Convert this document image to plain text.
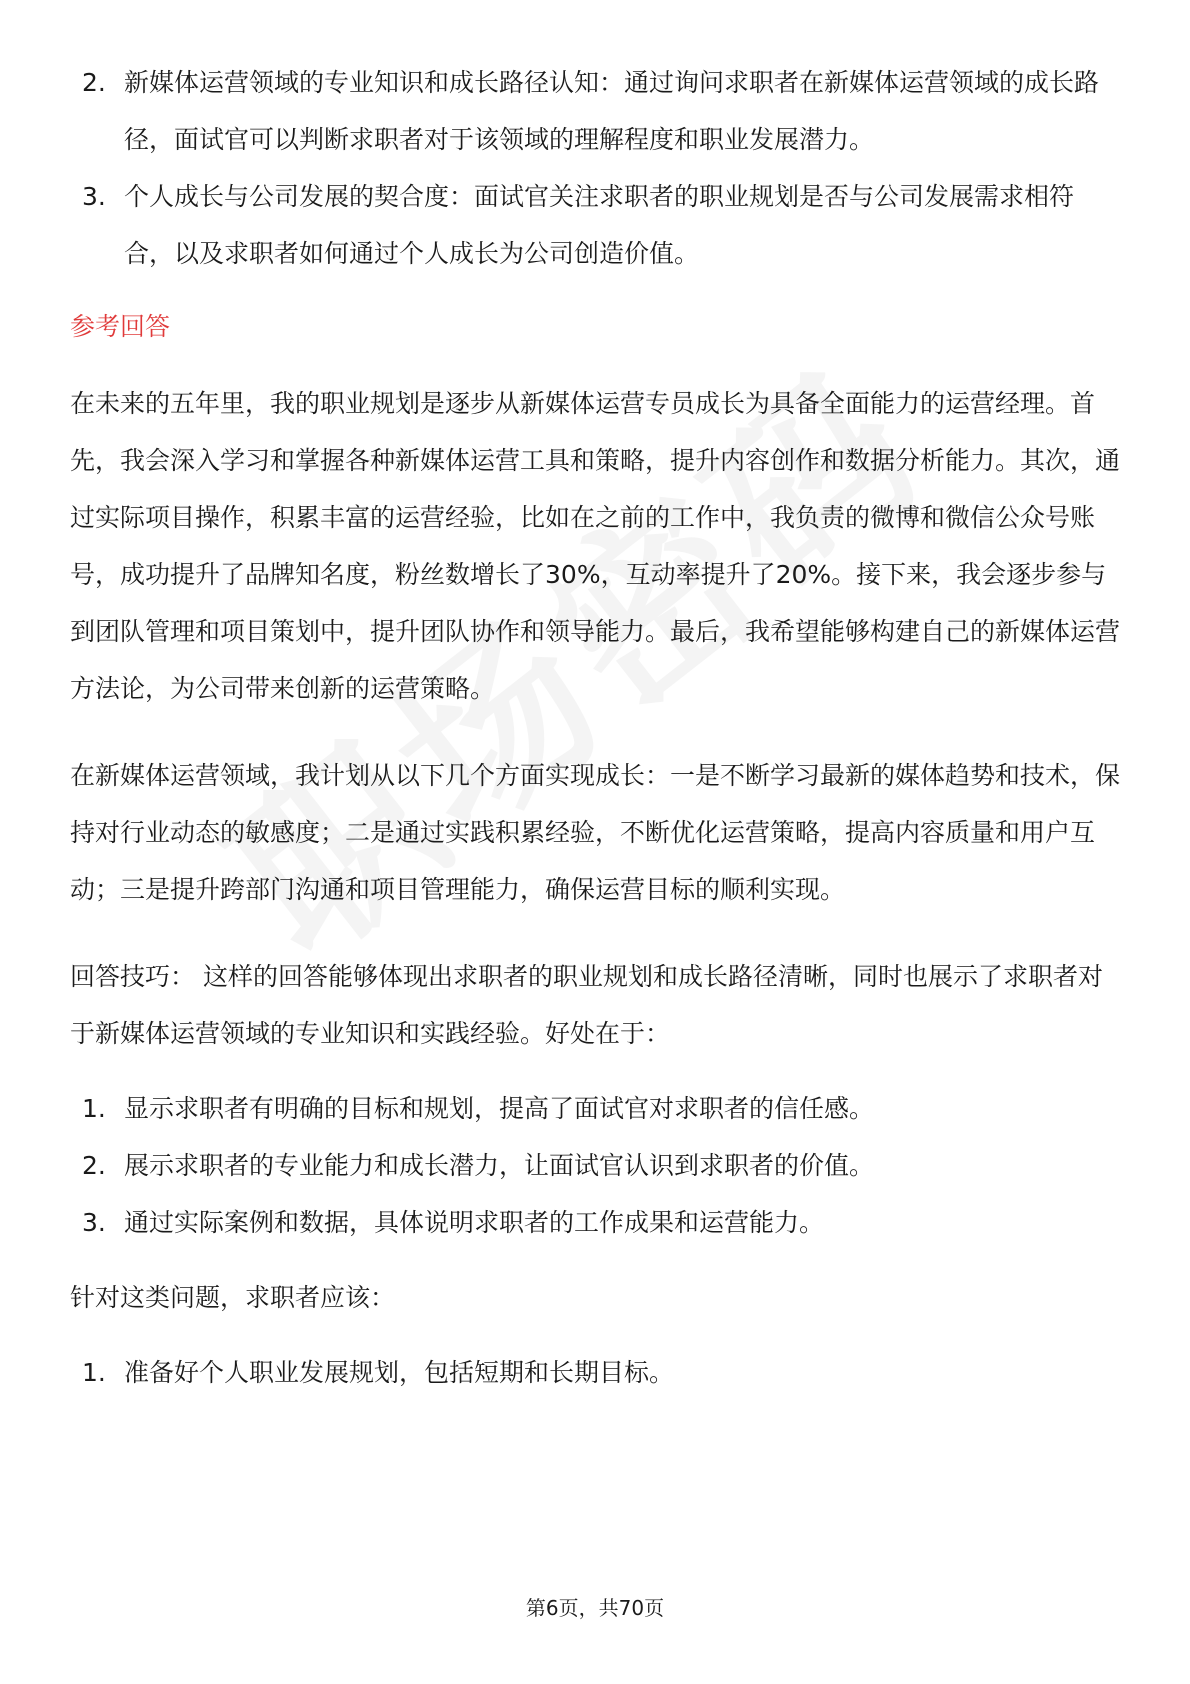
2. 新媒体运营领域的专业知识和成长路径认知：通过询问求职者在新媒体运营领域的成长路径，面试官可以判断求职者对于该领域的理解程度和职业发展潜力。
3. 个人成长与公司发展的契合度：面试官关注求职者的职业规划是否与公司发展需求相符合，以及求职者如何通过个人成长为公司创造价值。
参考回答

在未来的五年里，我的职业规划是逐步从新媒体运营专员成长为具备全面能力的运营经理。首先，我会深入学习和掌握各种新媒体运营工具和策略，提升内容创作和数据分析能力。其次，通过实际项目操作，积累丰富的运营经验，比如在之前的工作中，我负责的微博和微信公众号账号，成功提升了品牌知名度，粉丝数增长了30%，互动率提升了20%。接下来，我会逐步参与到团队管理和项目策划中，提升团队协作和领导能力。最后，我希望能够构建自己的新媒体运营方法论，为公司带来创新的运营策略。

在新媒体运营领域，我计划从以下几个方面实现成长：一是不断学习最新的媒体趋势和技术，保持对行业动态的敏感度；二是通过实践积累经验，不断优化运营策略，提高内容质量和用户互动；三是提升跨部门沟通和项目管理能力，确保运营目标的顺利实现。

回答技巧： 这样的回答能够体现出求职者的职业规划和成长路径清晰，同时也展示了求职者对于新媒体运营领域的专业知识和实践经验。好处在于：

1. 显示求职者有明确的目标和规划，提高了面试官对求职者的信任感。
2. 展示求职者的专业能力和成长潜力，让面试官认识到求职者的价值。
3. 通过实际案例和数据，具体说明求职者的工作成果和运营能力。

针对这类问题，求职者应该：

1. 准备好个人职业发展规划，包括短期和长期目标。
第6页，共70页
